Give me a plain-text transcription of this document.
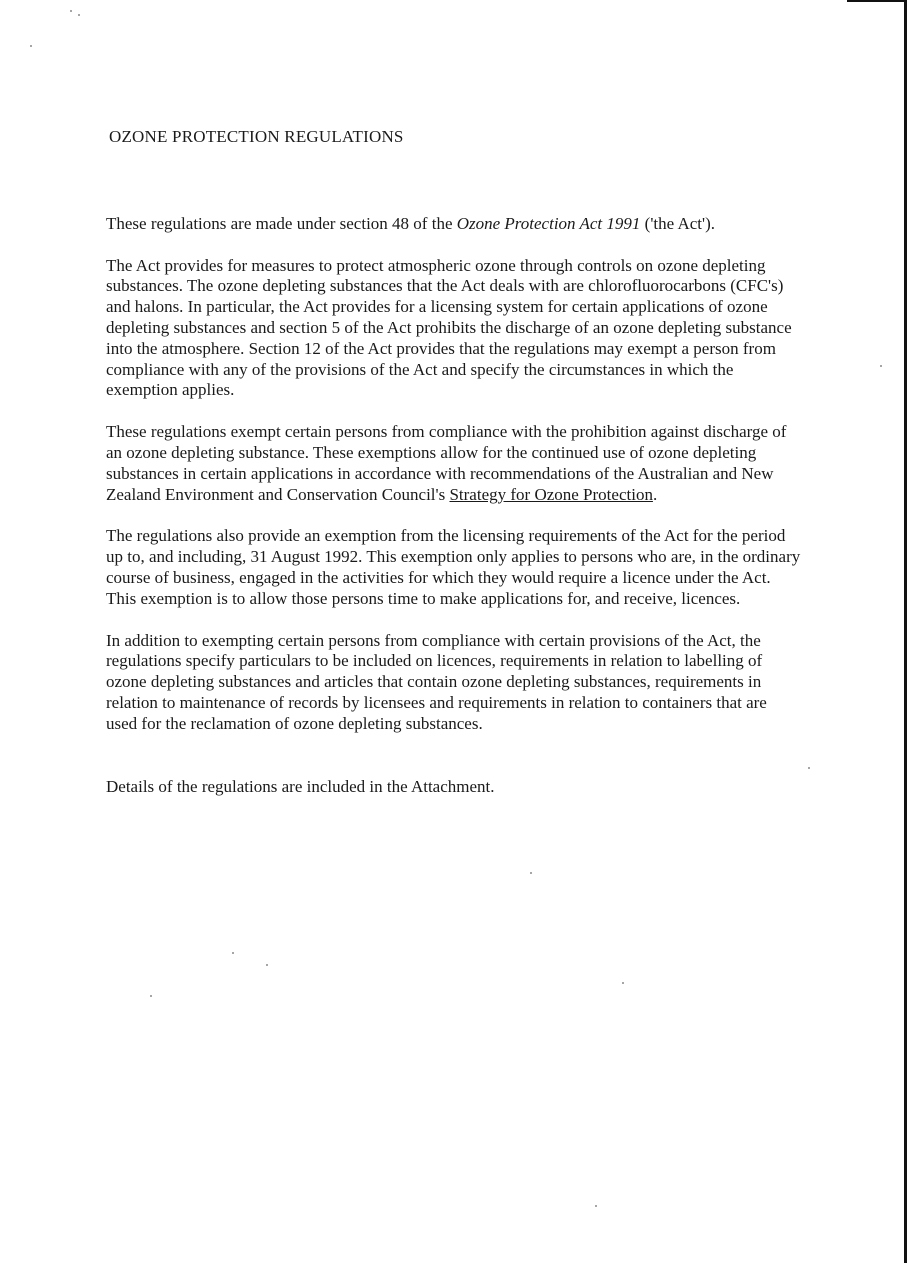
OZONE PROTECTION REGULATIONS

These regulations are made under section 48 of the Ozone Protection Act 1991 ('the Act').

The Act provides for measures to protect atmospheric ozone through controls on ozone depleting substances. The ozone depleting substances that the Act deals with are chlorofluorocarbons (CFC's) and halons. In particular, the Act provides for a licensing system for certain applications of ozone depleting substances and section 5 of the Act prohibits the discharge of an ozone depleting substance into the atmosphere. Section 12 of the Act provides that the regulations may exempt a person from compliance with any of the provisions of the Act and specify the circumstances in which the exemption applies.

These regulations exempt certain persons from compliance with the prohibition against discharge of an ozone depleting substance. These exemptions allow for the continued use of ozone depleting substances in certain applications in accordance with recommendations of the Australian and New Zealand Environment and Conservation Council's Strategy for Ozone Protection.

The regulations also provide an exemption from the licensing requirements of the Act for the period up to, and including, 31 August 1992. This exemption only applies to persons who are, in the ordinary course of business, engaged in the activities for which they would require a licence under the Act. This exemption is to allow those persons time to make applications for, and receive, licences.

In addition to exempting certain persons from compliance with certain provisions of the Act, the regulations specify particulars to be included on licences, requirements in relation to labelling of ozone depleting substances and articles that contain ozone depleting substances, requirements in relation to maintenance of records by licensees and requirements in relation to containers that are used for the reclamation of ozone depleting substances.

Details of the regulations are included in the Attachment.
